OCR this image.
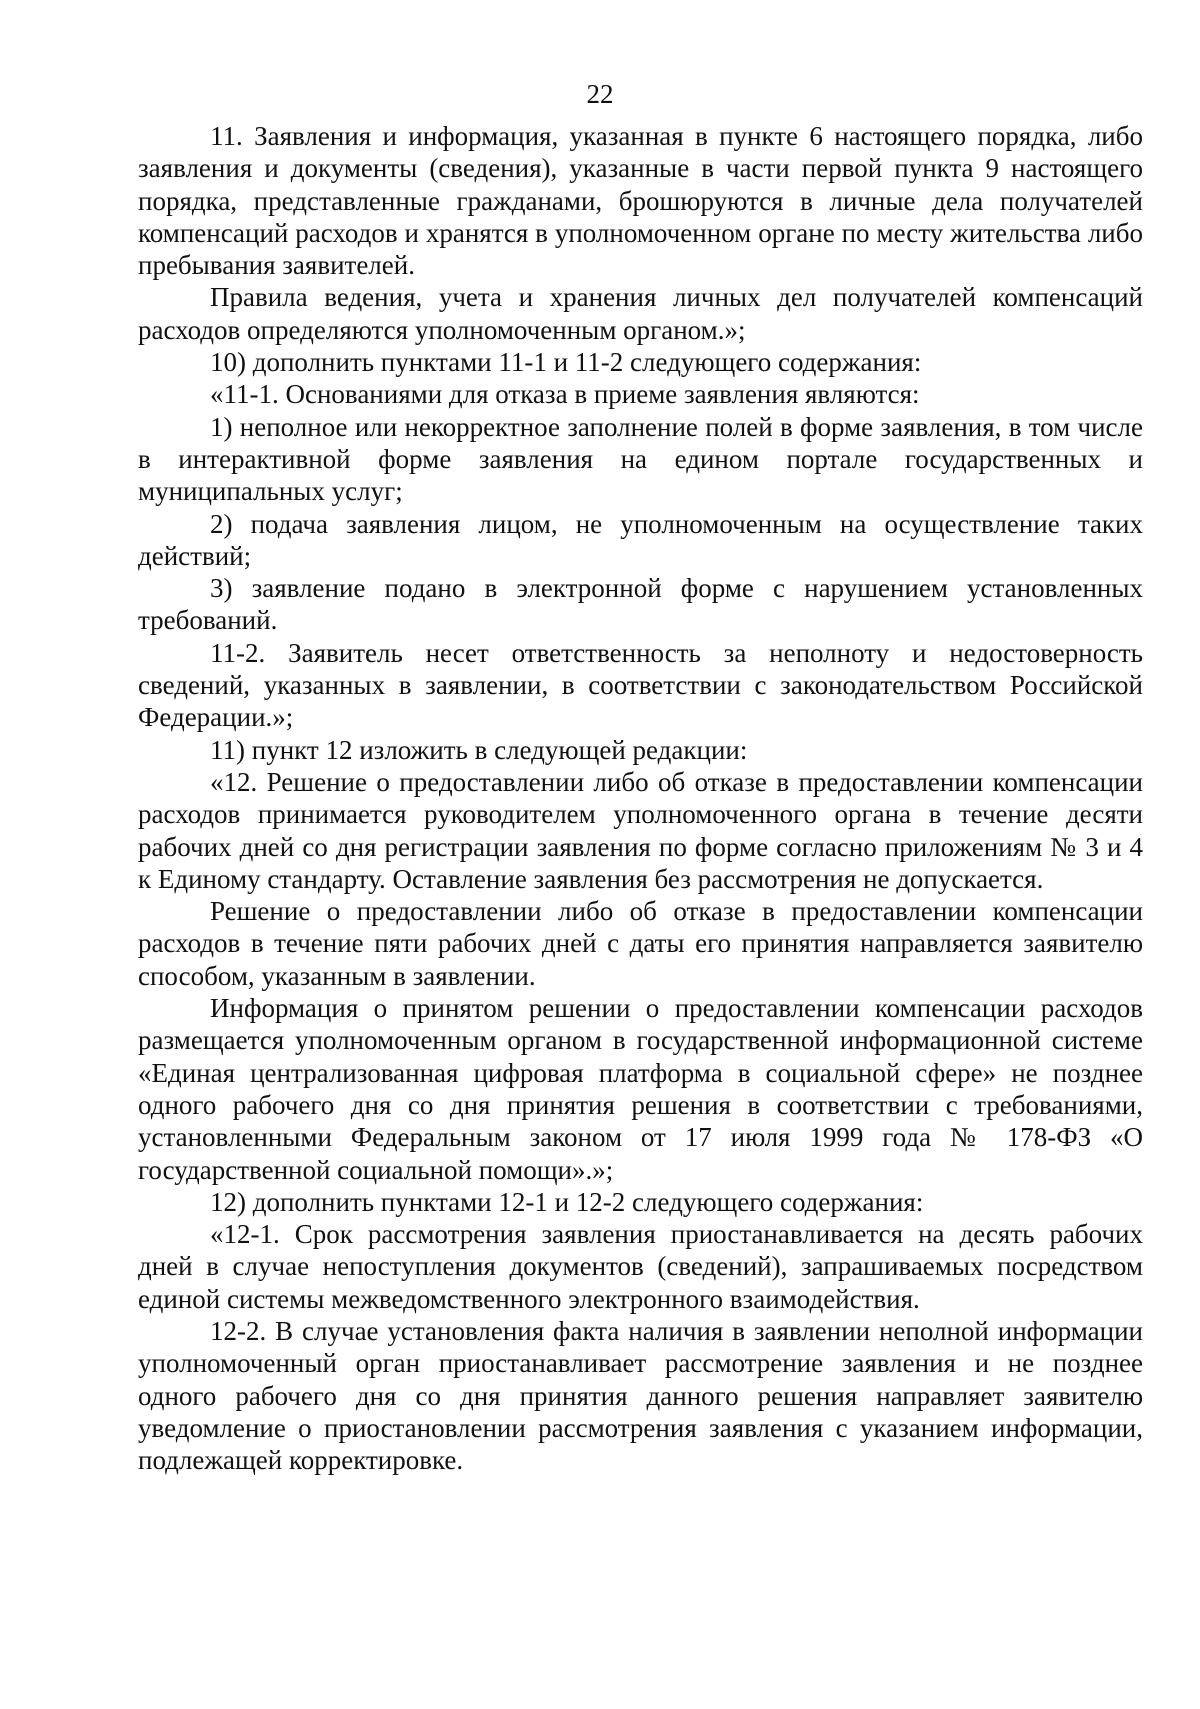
22

11. Заявления и информация, указанная в пункте 6 настоящего порядка, либо заявления и документы (сведения), указанные в части первой пункта 9 настоящего порядка, представленные гражданами, брошюруются в личные дела получателей компенсаций расходов и хранятся в уполномоченном органе по месту жительства либо пребывания заявителей.

Правила ведения, учета и хранения личных дел получателей компенсаций расходов определяются уполномоченным органом.»;

10) дополнить пунктами 11-1 и 11-2 следующего содержания:

«11-1. Основаниями для отказа в приеме заявления являются:

1) неполное или некорректное заполнение полей в форме заявления, в том числе в интерактивной форме заявления на едином портале государственных и муниципальных услуг;

2) подача заявления лицом, не уполномоченным на осуществление таких действий;

3) заявление подано в электронной форме с нарушением установленных требований.

11-2. Заявитель несет ответственность за неполноту и недостоверность сведений, указанных в заявлении, в соответствии с законодательством Российской Федерации.»;

11) пункт 12 изложить в следующей редакции:

«12. Решение о предоставлении либо об отказе в предоставлении компенсации расходов принимается руководителем уполномоченного органа в течение десяти рабочих дней со дня регистрации заявления по форме согласно приложениям № 3 и 4 к Единому стандарту. Оставление заявления без рассмотрения не допускается.

Решение о предоставлении либо об отказе в предоставлении компенсации расходов в течение пяти рабочих дней с даты его принятия направляется заявителю способом, указанным в заявлении.

Информация о принятом решении о предоставлении компенсации расходов размещается уполномоченным органом в государственной информационной системе «Единая централизованная цифровая платформа в социальной сфере» не позднее одного рабочего дня со дня принятия решения в соответствии с требованиями, установленными Федеральным законом от 17 июля 1999 года № 178-ФЗ «О государственной социальной помощи».»;

12) дополнить пунктами 12-1 и 12-2 следующего содержания:

«12-1. Срок рассмотрения заявления приостанавливается на десять рабочих дней в случае непоступления документов (сведений), запрашиваемых посредством единой системы межведомственного электронного взаимодействия.

12-2. В случае установления факта наличия в заявлении неполной информации уполномоченный орган приостанавливает рассмотрение заявления и не позднее одного рабочего дня со дня принятия данного решения направляет заявителю уведомление о приостановлении рассмотрения заявления с указанием информации, подлежащей корректировке.
